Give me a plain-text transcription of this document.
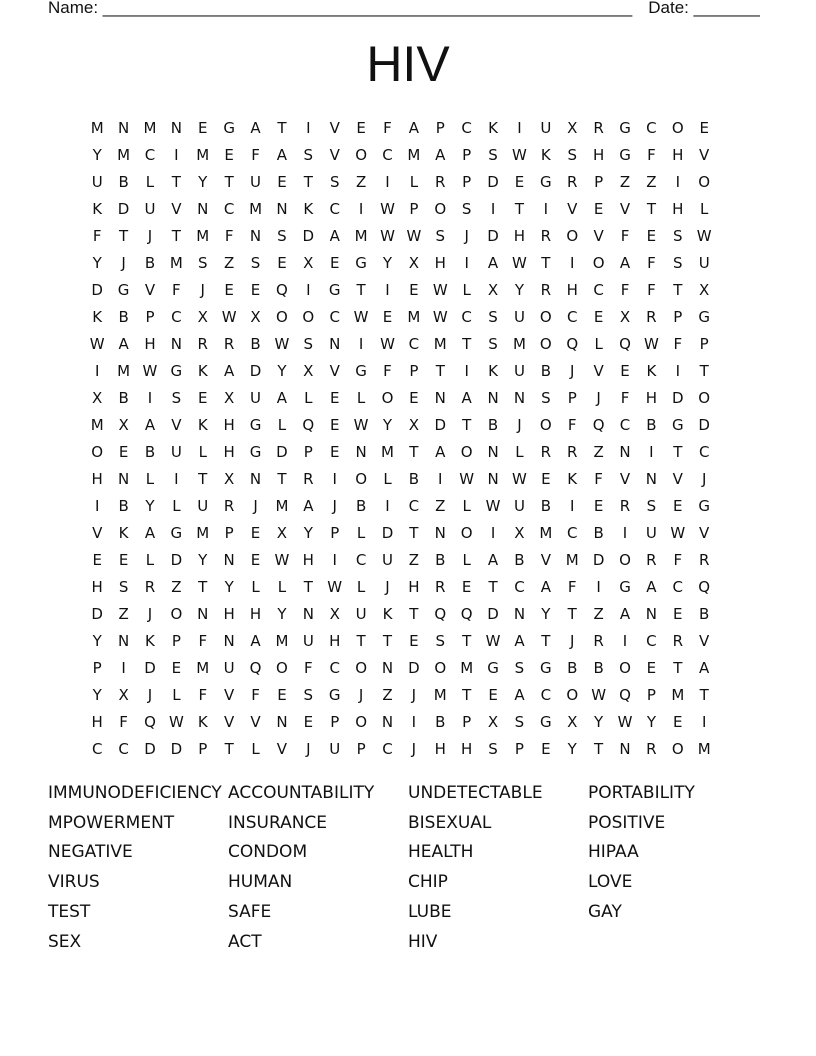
Name: ________________________________________________________ Date: _______
HIV
M N M N	E	G	A	T	I	V	E	F	A	P	C	K	I	U	X	R	G	C	O	E
Y	M C	I	M	E	F	A	S	V	O	C M A	P	S W K	S	H G	F	H	V
U	B	L	T	Y	T	U	E	T	S	Z	I	L	R	P	D	E	G	R	P	Z	Z	I	O
K	D	U	V	N	C M N	K	C	I	W P	O	S	I	T	I	V	E	V	T	H	L
F	T	J	T	M	F	N	S	D	A M W W S	J	D H	R	O	V	F	E	S W
Y	J	B M	S	Z	S	E	X	E	G	Y	X	H	I	A W T	I	O	A	F	S	U
D G	V	F	J	E	E	Q	I	G	T	I	E W L	X	Y	R	H	C	F	F	T	X
K	B	P	C	X W X	O O	C W E	M W C	S	U O	C	E	X	R	P	G
W A	H	N	R	R	B W S	N	I	W C M	T	S	M O Q	L	Q W F	P
I	M W G	K	A	D	Y	X	V	G	F	P	T	I	K	U	B	J	V	E	K	I	T
X	B	I	S	E	X	U	A	L	E	L	O	E	N	A	N	N	S	P	J	F	H D O
M X	A	V	K	H G	L	Q	E W Y	X	D	T	B	J	O	F	Q	C	B	G D
O	E	B	U	L	H G D	P	E	N M	T	A	O N	L	R	R	Z	N	I	T	C
H	N	L	I	T	X	N	T	R	I	O	L	B	I	W N W E	K	F	V	N	V	J
I	B	Y	L	U	R	J	M A	J	B	I	C	Z	L W U	B	I	E	R	S	E	G
V	K	A	G M	P	E	X	Y	P	L	D	T	N O	I	X M C	B	I	U W V
E	E	L	D	Y	N	E W H	I	C	U	Z	B	L	A	B	V M D O	R	F	R
H	S	R	Z	T	Y	L	L	T W L	J	H	R	E	T	C	A	F	I	G	A	C	Q
D	Z	J	O N	H	H	Y	N	X	U	K	T	Q Q D	N	Y	T	Z	A	N	E	B
Y	N	K	P	F	N	A M U	H	T	T	E	S	T W A	T	J	R	I	C	R	V
P	I	D	E	M U Q O	F	C	O N D O M G	S	G	B	B	O	E	T	A
Y	X	J	L	F	V	F	E	S	G	J	Z	J	M	T	E	A	C	O W Q	P	M	T
H	F	Q W K	V	V	N	E	P	O N	I	B	P	X	S	G	X	Y W Y	E	I
C	C	D D	P	T	L	V	J	U	P	C	J	H	H	S	P	E	Y	T	N	R	O M
IMMUNODEFICIENCY ACCOUNTABILITY	UNDETECTABLE	PORTABILITY
MPOWERMENT	INSURANCE	BISEXUAL	POSITIVE
NEGATIVE	CONDOM	HEALTH	HIPAA
VIRUS	HUMAN	CHIP	LOVE
TEST	SAFE	LUBE	GAY
SEX	ACT	HIV
